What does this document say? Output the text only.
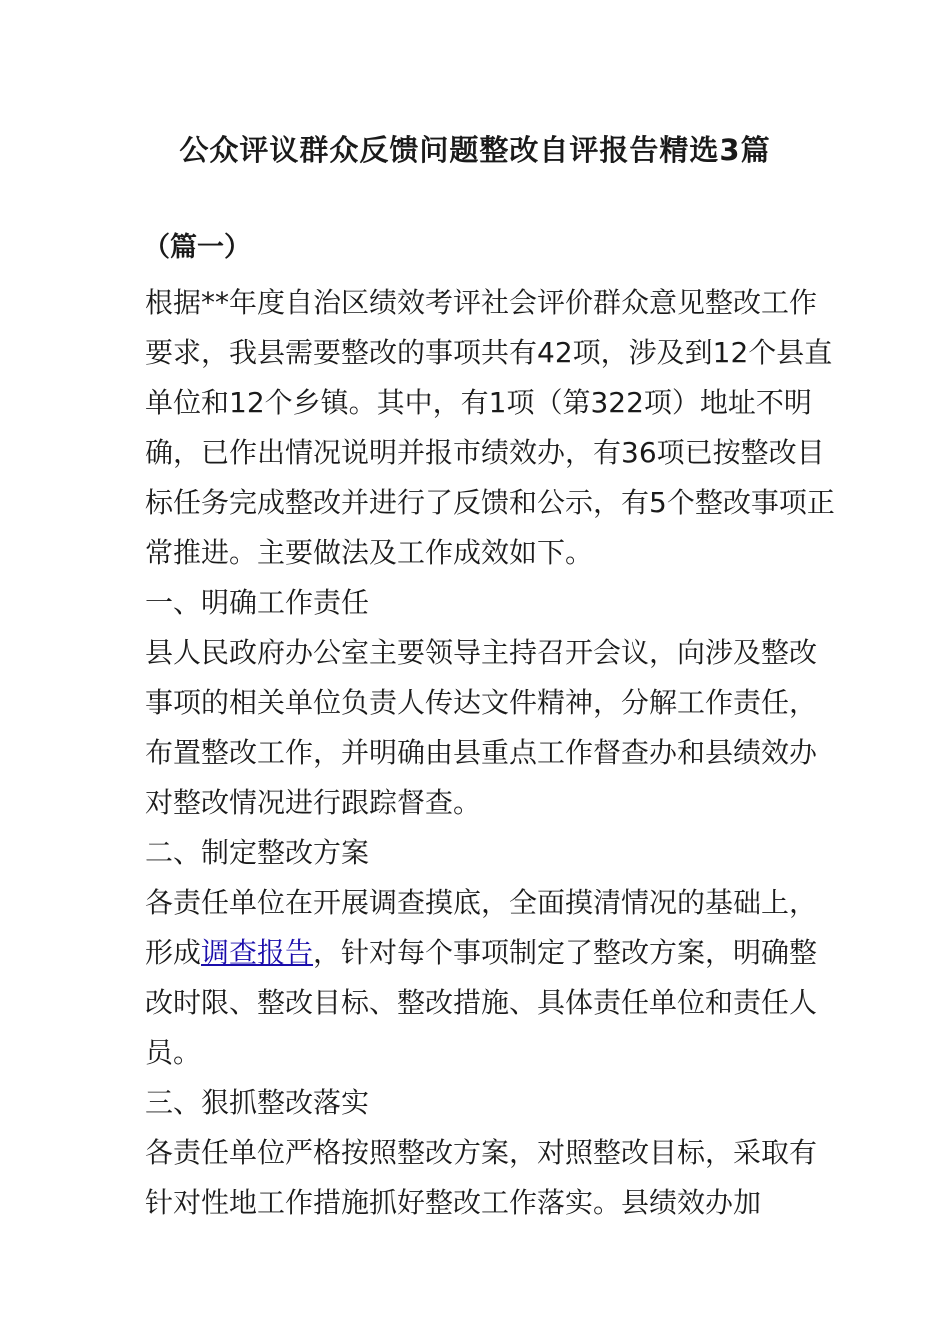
公众评议群众反馈问题整改自评报告精选3篇
（篇一）

根据**年度自治区绩效考评社会评价群众意见整改工作要求，我县需要整改的事项共有42项，涉及到12个县直单位和12个乡镇。其中，有1项（第322项）地址不明确，已作出情况说明并报市绩效办，有36项已按整改目标任务完成整改并进行了反馈和公示，有5个整改事项正常推进。主要做法及工作成效如下。

一、明确工作责任

县人民政府办公室主要领导主持召开会议，向涉及整改事项的相关单位负责人传达文件精神，分解工作责任，布置整改工作，并明确由县重点工作督查办和县绩效办对整改情况进行跟踪督查。

二、制定整改方案

各责任单位在开展调查摸底，全面摸清情况的基础上，形成调查报告，针对每个事项制定了整改方案，明确整改时限、整改目标、整改措施、具体责任单位和责任人员。

三、狠抓整改落实

各责任单位严格按照整改方案，对照整改目标，采取有针对性地工作措施抓好整改工作落实。县绩效办加
